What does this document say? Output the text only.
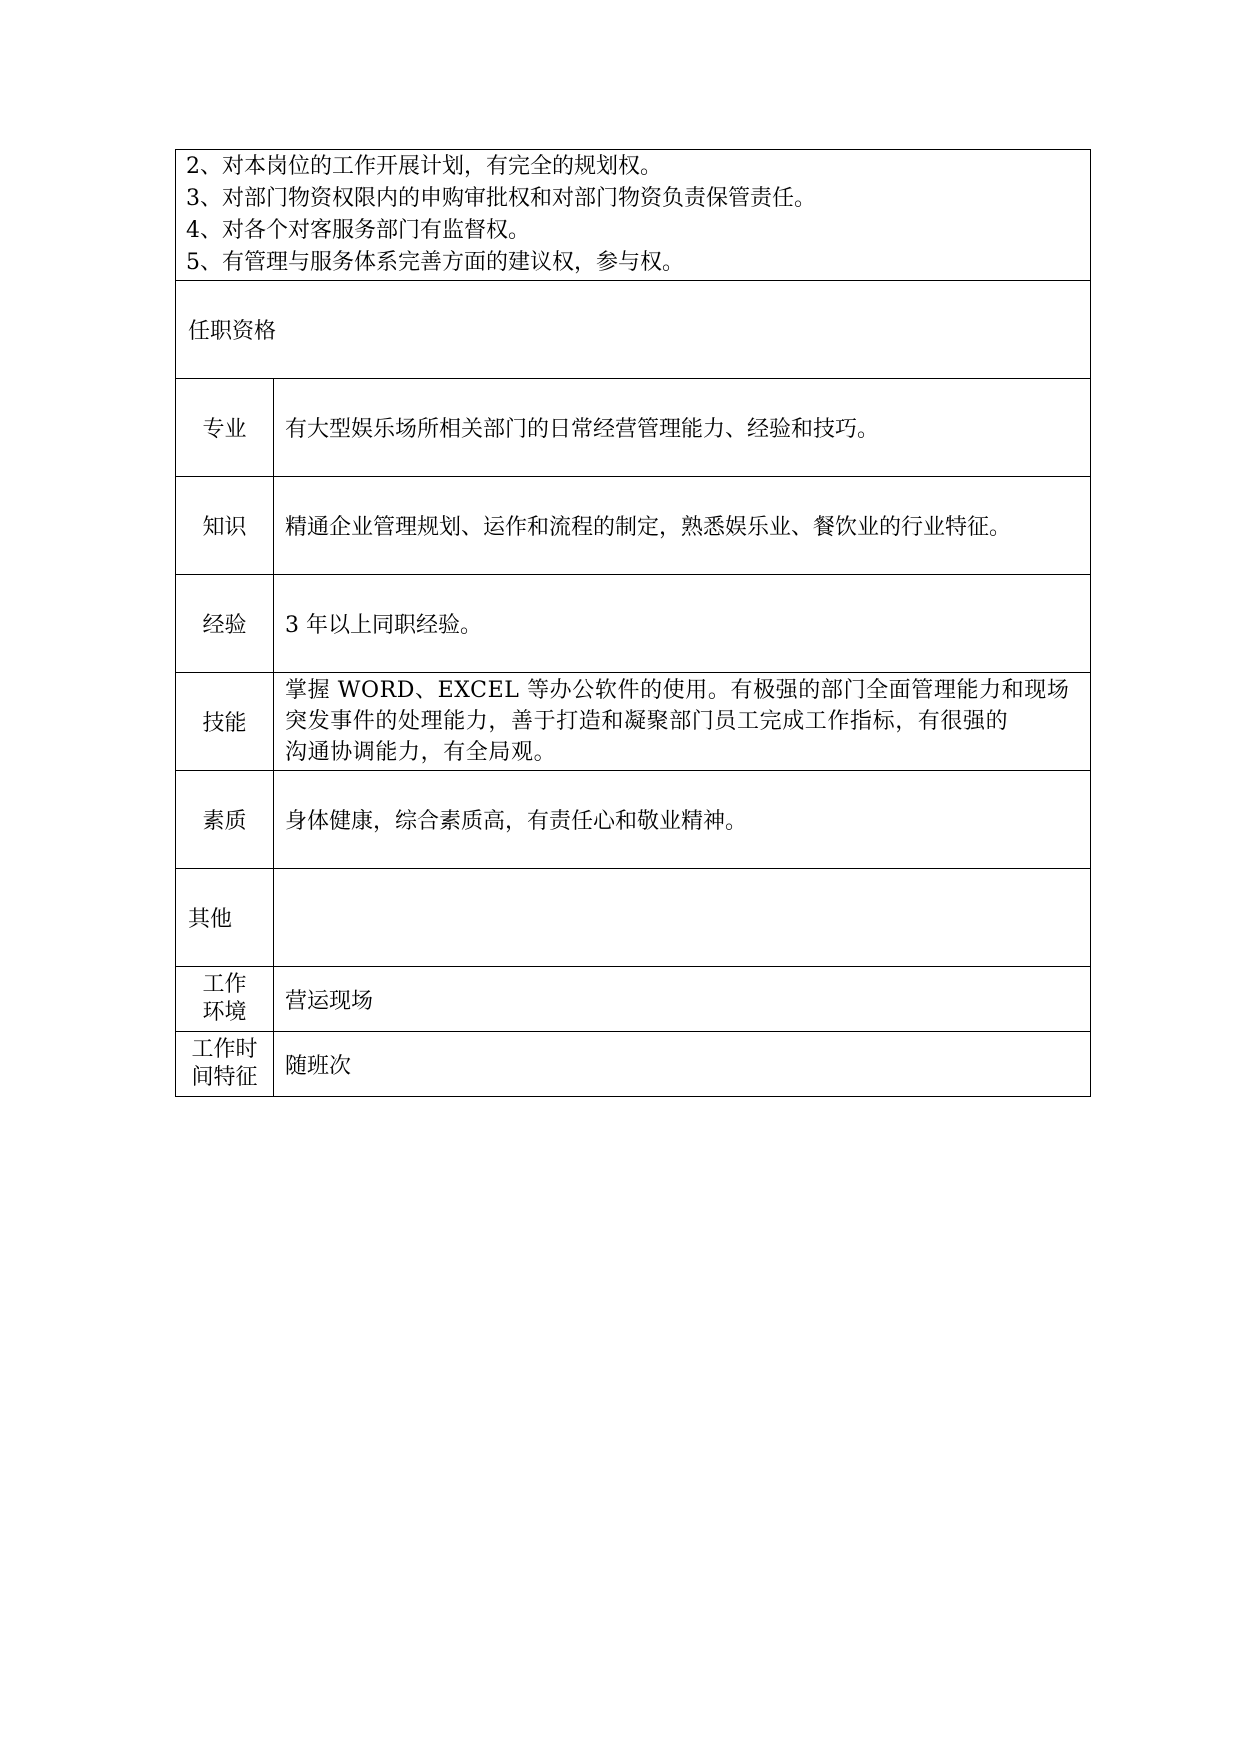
2、对本岗位的工作开展计划，有完全的规划权。
3、对部门物资权限内的申购审批权和对部门物资负责保管责任。
4、对各个对客服务部门有监督权。
5、有管理与服务体系完善方面的建议权，参与权。	

任职资格	
专业	有大型娱乐场所相关部门的日常经营管理能力、经验和技巧。
知识	精通企业管理规划、运作和流程的制定，熟悉娱乐业、餐饮业的行业特征。
经验	3 年以上同职经验。
技能	掌握 WORD、EXCEL 等办公软件的使用。有极强的部门全面管理能力和现场
突发事件的处理能力，善于打造和凝聚部门员工完成工作指标，有很强的
沟通协调能力，有全局观。

素质	身体健康，综合素质高，有责任心和敬业精神。
其他	

工作
环境	营运现场

工作时
间特征	随班次
